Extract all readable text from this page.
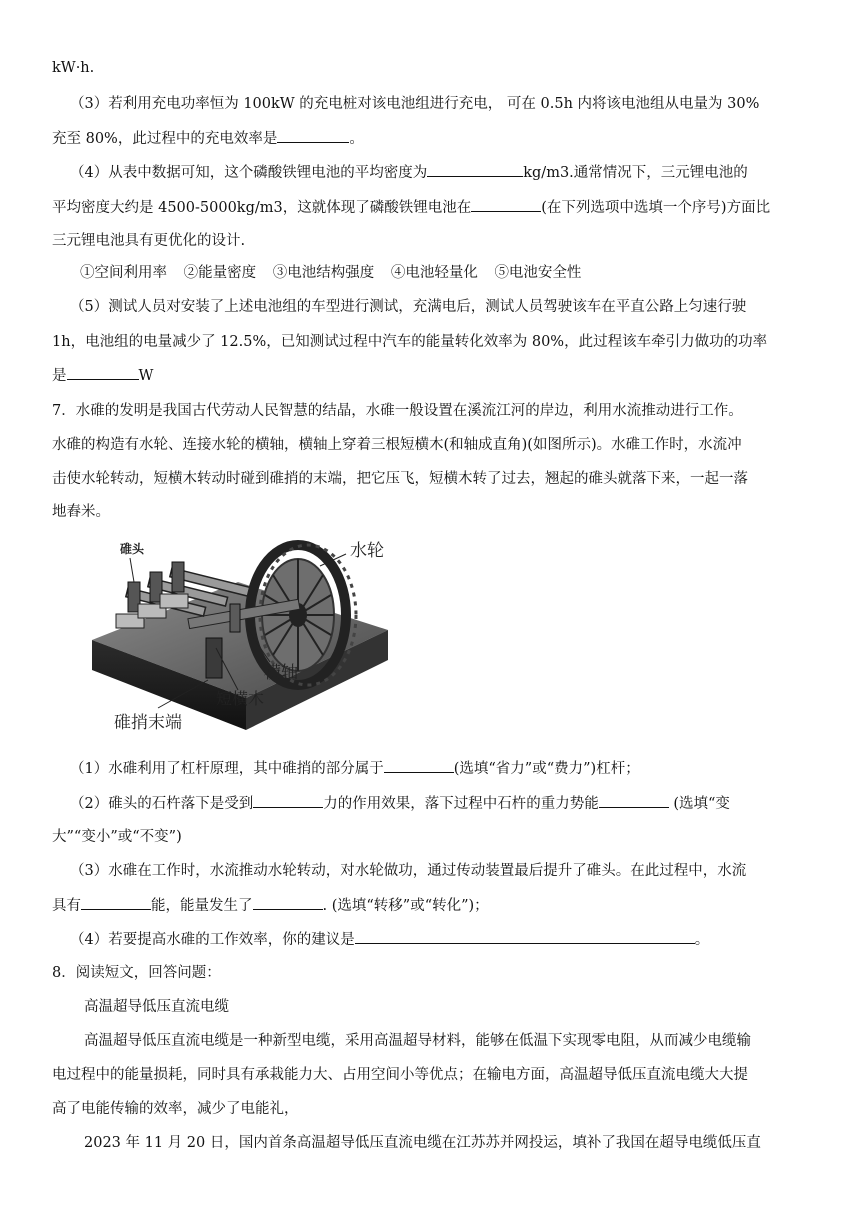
kW·h.
（3）若利用充电功率恒为 100kW 的充电桩对该电池组进行充电， 可在 0.5h 内将该电池组从电量为 30%
充至 80%，此过程中的充电效率是	。
（4）从表中数据可知，这个磷酸铁锂电池的平均密度为	kg/m3.通常情况下，三元锂电池的
平均密度大约是 4500-5000kg/m3，这就体现了磷酸铁锂电池在	(在下列选项中选填一个序号)方面比
三元锂电池具有更优化的设计.
①空间利用率 ②能量密度 ③电池结构强度 ④电池轻量化 ⑤电池安全性
（5）测试人员对安装了上述电池组的车型进行测试，充满电后，测试人员驾驶该车在平直公路上匀速行驶
1h，电池组的电量减少了 12.5%，已知测试过程中汽车的能量转化效率为 80%，此过程该车牵引力做功的功率
是	W
7．水碓的发明是我国古代劳动人民智慧的结晶，水碓一般设置在溪流江河的岸边，利用水流推动进行工作。
水碓的构造有水轮、连接水轮的横轴，横轴上穿着三根短横木(和轴成直角)(如图所示)。水碓工作时，水流冲
击使水轮转动，短横木转动时碰到碓捎的末端，把它压飞，短横木转了过去，翘起的碓头就落下来，一起一落
地舂米。
碓头	水轮
横轴
短横木
碓捎末端
（1）水碓利用了杠杆原理，其中碓捎的部分属于	(选填“省力”或“费力”)杠杆；
（2）碓头的石杵落下是受到	力的作用效果，落下过程中石杵的重力势能	(选填“变
大”“变小”或“不变”)
（3）水碓在工作时，水流推动水轮转动，对水轮做功，通过传动装置最后提升了碓头。在此过程中，水流
具有	能，能量发生了	. (选填“转移”或“转化”)；
（4）若要提高水碓的工作效率，你的建议是	。
8．阅读短文，回答问题：
高温超导低压直流电缆
高温超导低压直流电缆是一种新型电缆，采用高温超导材料，能够在低温下实现零电阻，从而减少电缆输
电过程中的能量损耗，同时具有承栽能力大、占用空间小等优点；在输电方面，高温超导低压直流电缆大大提
高了电能传输的效率，减少了电能礼，
2023 年 11 月 20 日，国内首条高温超导低压直流电缆在江苏苏并网投运，填补了我国在超导电缆低压直
